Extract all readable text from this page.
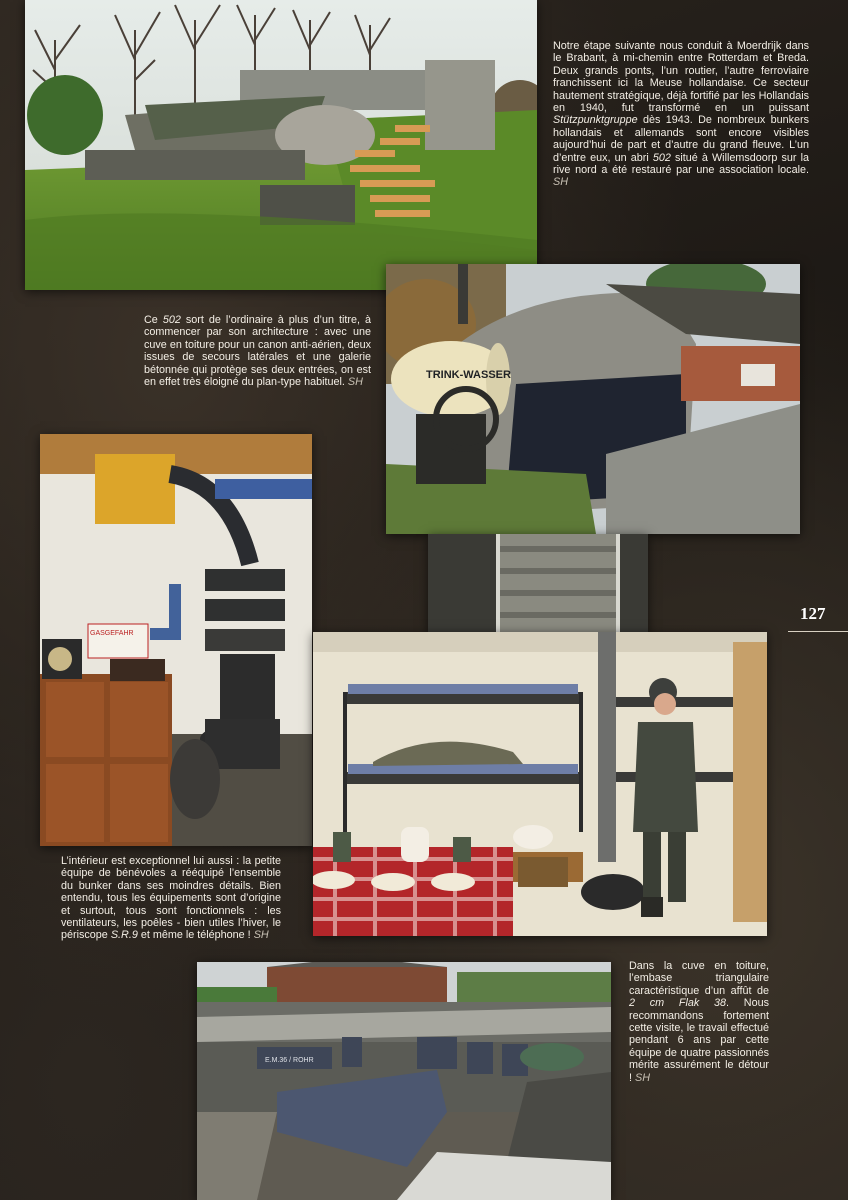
Notre étape suivante nous conduit à Moerdrijk dans le Brabant, à mi-chemin entre Rotterdam et Breda. Deux grands ponts, l’un routier, l’autre ferroviaire franchissent ici la Meuse hollandaise. Ce secteur hautement stratégique, déjà fortifié par les Hollandais en 1940, fut transformé en un puissant Stützpunktgruppe dès 1943. De nombreux bunkers hollandais et allemands sont encore visibles aujourd’hui de part et d’autre du grand fleuve. L’un d’entre eux, un abri 502 situé à Willemsdoorp sur la rive nord a été restauré par une association locale. SH
Ce 502 sort de l’ordinaire à plus d’un titre, à commencer par son architecture : avec une cuve en toiture pour un canon anti-aérien, deux issues de secours latérales et une galerie bétonnée qui protège ses deux entrées, on est en effet très éloigné du plan-type habituel. SH
TRINK-WASSER
GASGEFAHR
127
L’intérieur est exceptionnel lui aussi : la petite équipe de bénévoles a rééquipé l’ensemble du bunker dans ses moindres détails. Bien entendu, tous les équipements sont d’origine et surtout, tous sont fonctionnels : les ventilateurs, les poêles - bien utiles l’hiver, le périscope S.R.9 et même le téléphone ! SH
Dans la cuve en toiture, l’embase triangulaire caractéristique d’un affût de 2 cm Flak 38. Nous recommandons fortement cette visite, le travail effectué pendant 6 ans par cette équipe de quatre passionnés mérite assurément le détour ! SH
E.M.36 / ROHR
